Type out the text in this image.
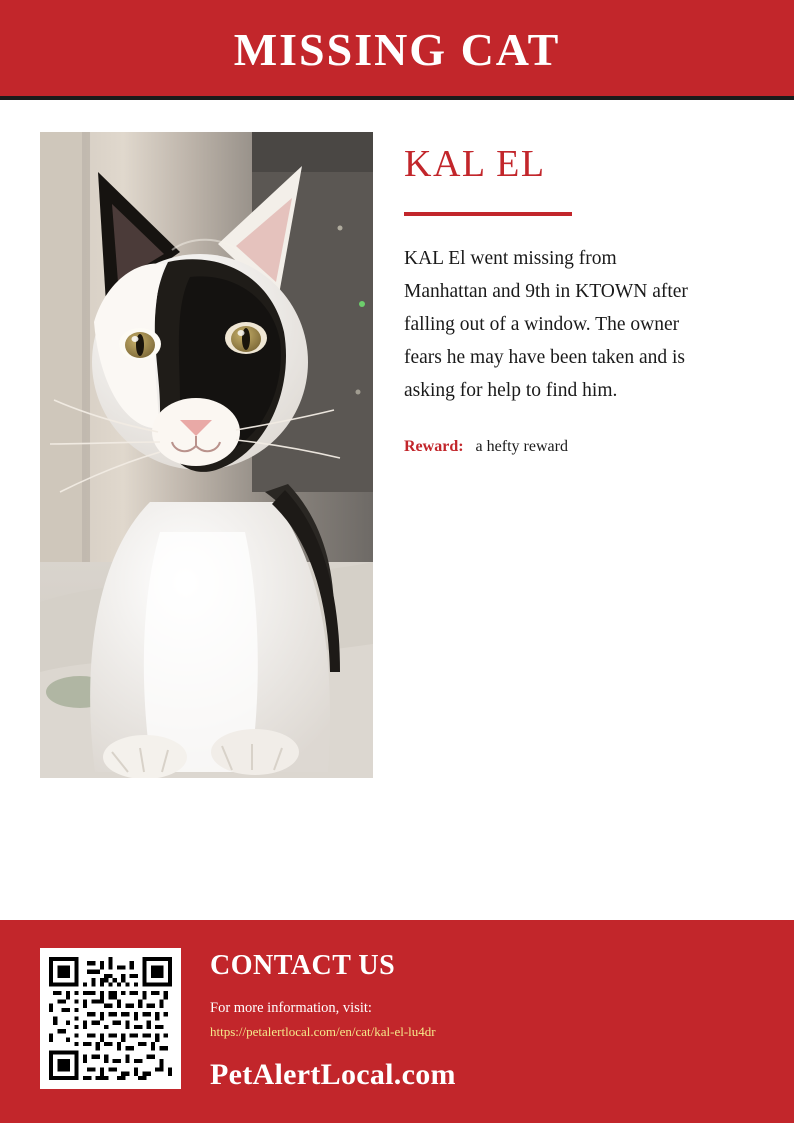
MISSING CAT
KAL EL

KAL El went missing from Manhattan and 9th in KTOWN after falling out of a window. The owner fears he may have been taken and is asking for help to find him.

Reward: a hefty reward
CONTACT US

For more information, visit:

https://petalertlocal.com/en/cat/kal-el-lu4dr

PetAlertLocal.com
